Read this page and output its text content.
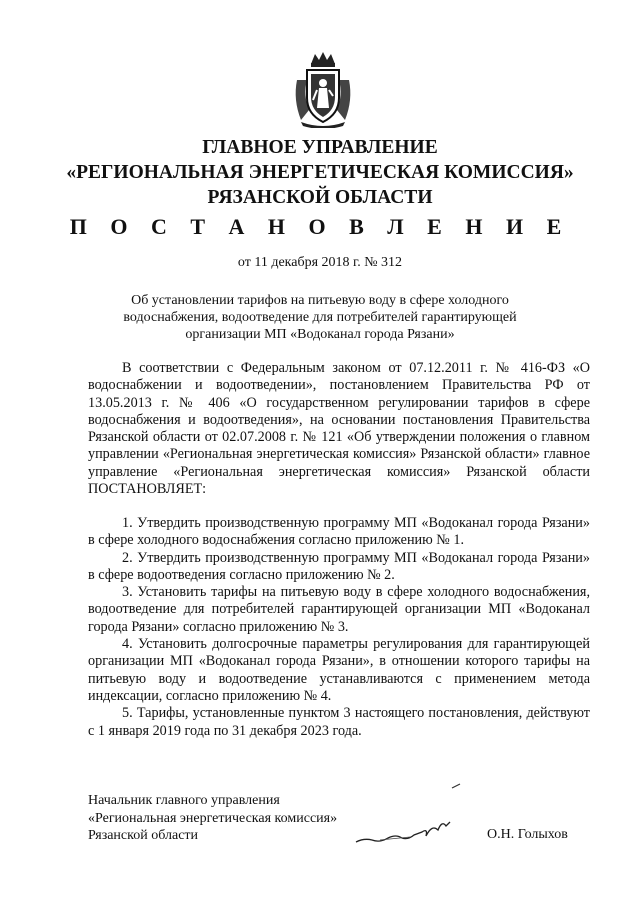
ГЛАВНОЕ УПРАВЛЕНИЕ
«РЕГИОНАЛЬНАЯ ЭНЕРГЕТИЧЕСКАЯ КОМИССИЯ»
РЯЗАНСКОЙ ОБЛАСТИ
П О С Т А Н О В Л Е Н И Е
от 11 декабря 2018 г. № 312
Об установлении тарифов на питьевую воду в сфере холодного водоснабжения, водоотведение для потребителей гарантирующей организации МП «Водоканал города Рязани»

В соответствии с Федеральным законом от 07.12.2011 г. № 416-ФЗ «О водоснабжении и водоотведении», постановлением Правительства РФ от 13.05.2013 г. № 406 «О государственном регулировании тарифов в сфере водоснабжения и водоотведения», на основании постановления Правительства Рязанской области от 02.07.2008 г. № 121 «Об утверждении положения о главном управлении «Региональная энергетическая комиссия» Рязанской области» главное управление «Региональная энергетическая комиссия» Рязанской области ПОСТАНОВЛЯЕТ:

1. Утвердить производственную программу МП «Водоканал города Рязани» в сфере холодного водоснабжения согласно приложению № 1.

2. Утвердить производственную программу МП «Водоканал города Рязани» в сфере водоотведения согласно приложению № 2.

3. Установить тарифы на питьевую воду в сфере холодного водоснабжения, водоотведение для потребителей гарантирующей организации МП «Водоканал города Рязани» согласно приложению № 3.

4. Установить долгосрочные параметры регулирования для гарантирующей организации МП «Водоканал города Рязани», в отношении которого тарифы на питьевую воду и водоотведение устанавливаются с применением метода индексации, согласно приложению № 4.

5. Тарифы, установленные пунктом 3 настоящего постановления, действуют с 1 января 2019 года по 31 декабря 2023 года.

Начальник главного управления
«Региональная энергетическая комиссия»
Рязанской области	О.Н. Голыхов
